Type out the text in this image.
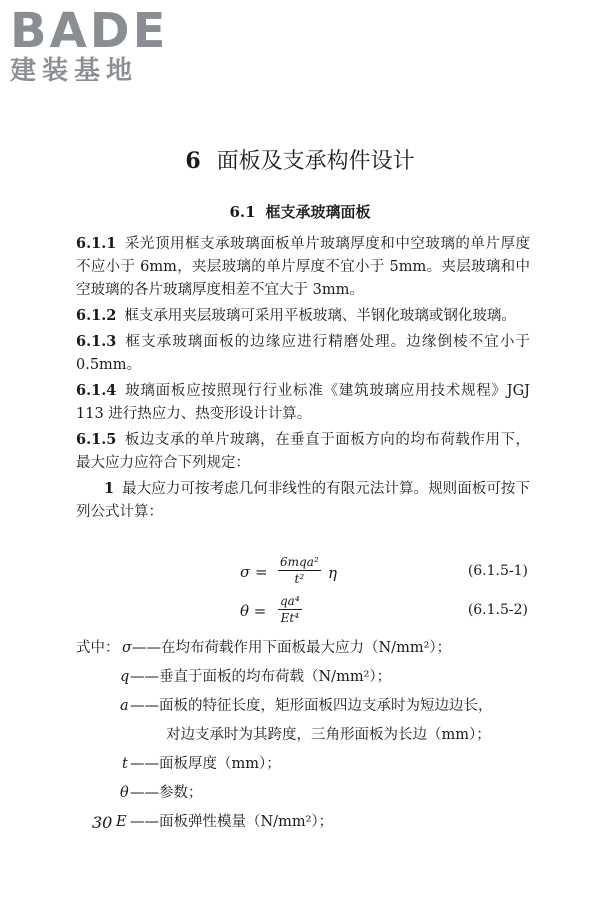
BADE
建装基地
6 面板及支承构件设计
6.1 框支承玻璃面板

6.1.1 采光顶用框支承玻璃面板单片玻璃厚度和中空玻璃的单片厚度不应小于 6mm，夹层玻璃的单片厚度不宜小于 5mm。夹层玻璃和中空玻璃的各片玻璃厚度相差不宜大于 3mm。

6.1.2 框支承用夹层玻璃可采用平板玻璃、半钢化玻璃或钢化玻璃。

6.1.3 框支承玻璃面板的边缘应进行精磨处理。边缘倒棱不宜小于 0.5mm。

6.1.4 玻璃面板应按照现行行业标准《建筑玻璃应用技术规程》JGJ 113 进行热应力、热变形设计计算。

6.1.5 板边支承的单片玻璃，在垂直于面板方向的均布荷载作用下，最大应力应符合下列规定：

1 最大应力可按考虑几何非线性的有限元法计算。规则面板可按下列公式计算：

σ =
6mqa²
t²	η	(6.1.5-1)
$\theta = \frac{\text{qa⁴}}{\text{Et⁴}}$	(6.1.5-2)
式中： σ ——在均布荷载作用下面板最大应力（N/mm²）；
q ——垂直于面板的均布荷载（N/mm²）；
a ——面板的特征长度，矩形面板四边支承时为短边边长，
对边支承时为其跨度，三角形面板为长边（mm）；
t ——面板厚度（mm）；
θ ——参数；
E ——面板弹性模量（N/mm²）；
30
